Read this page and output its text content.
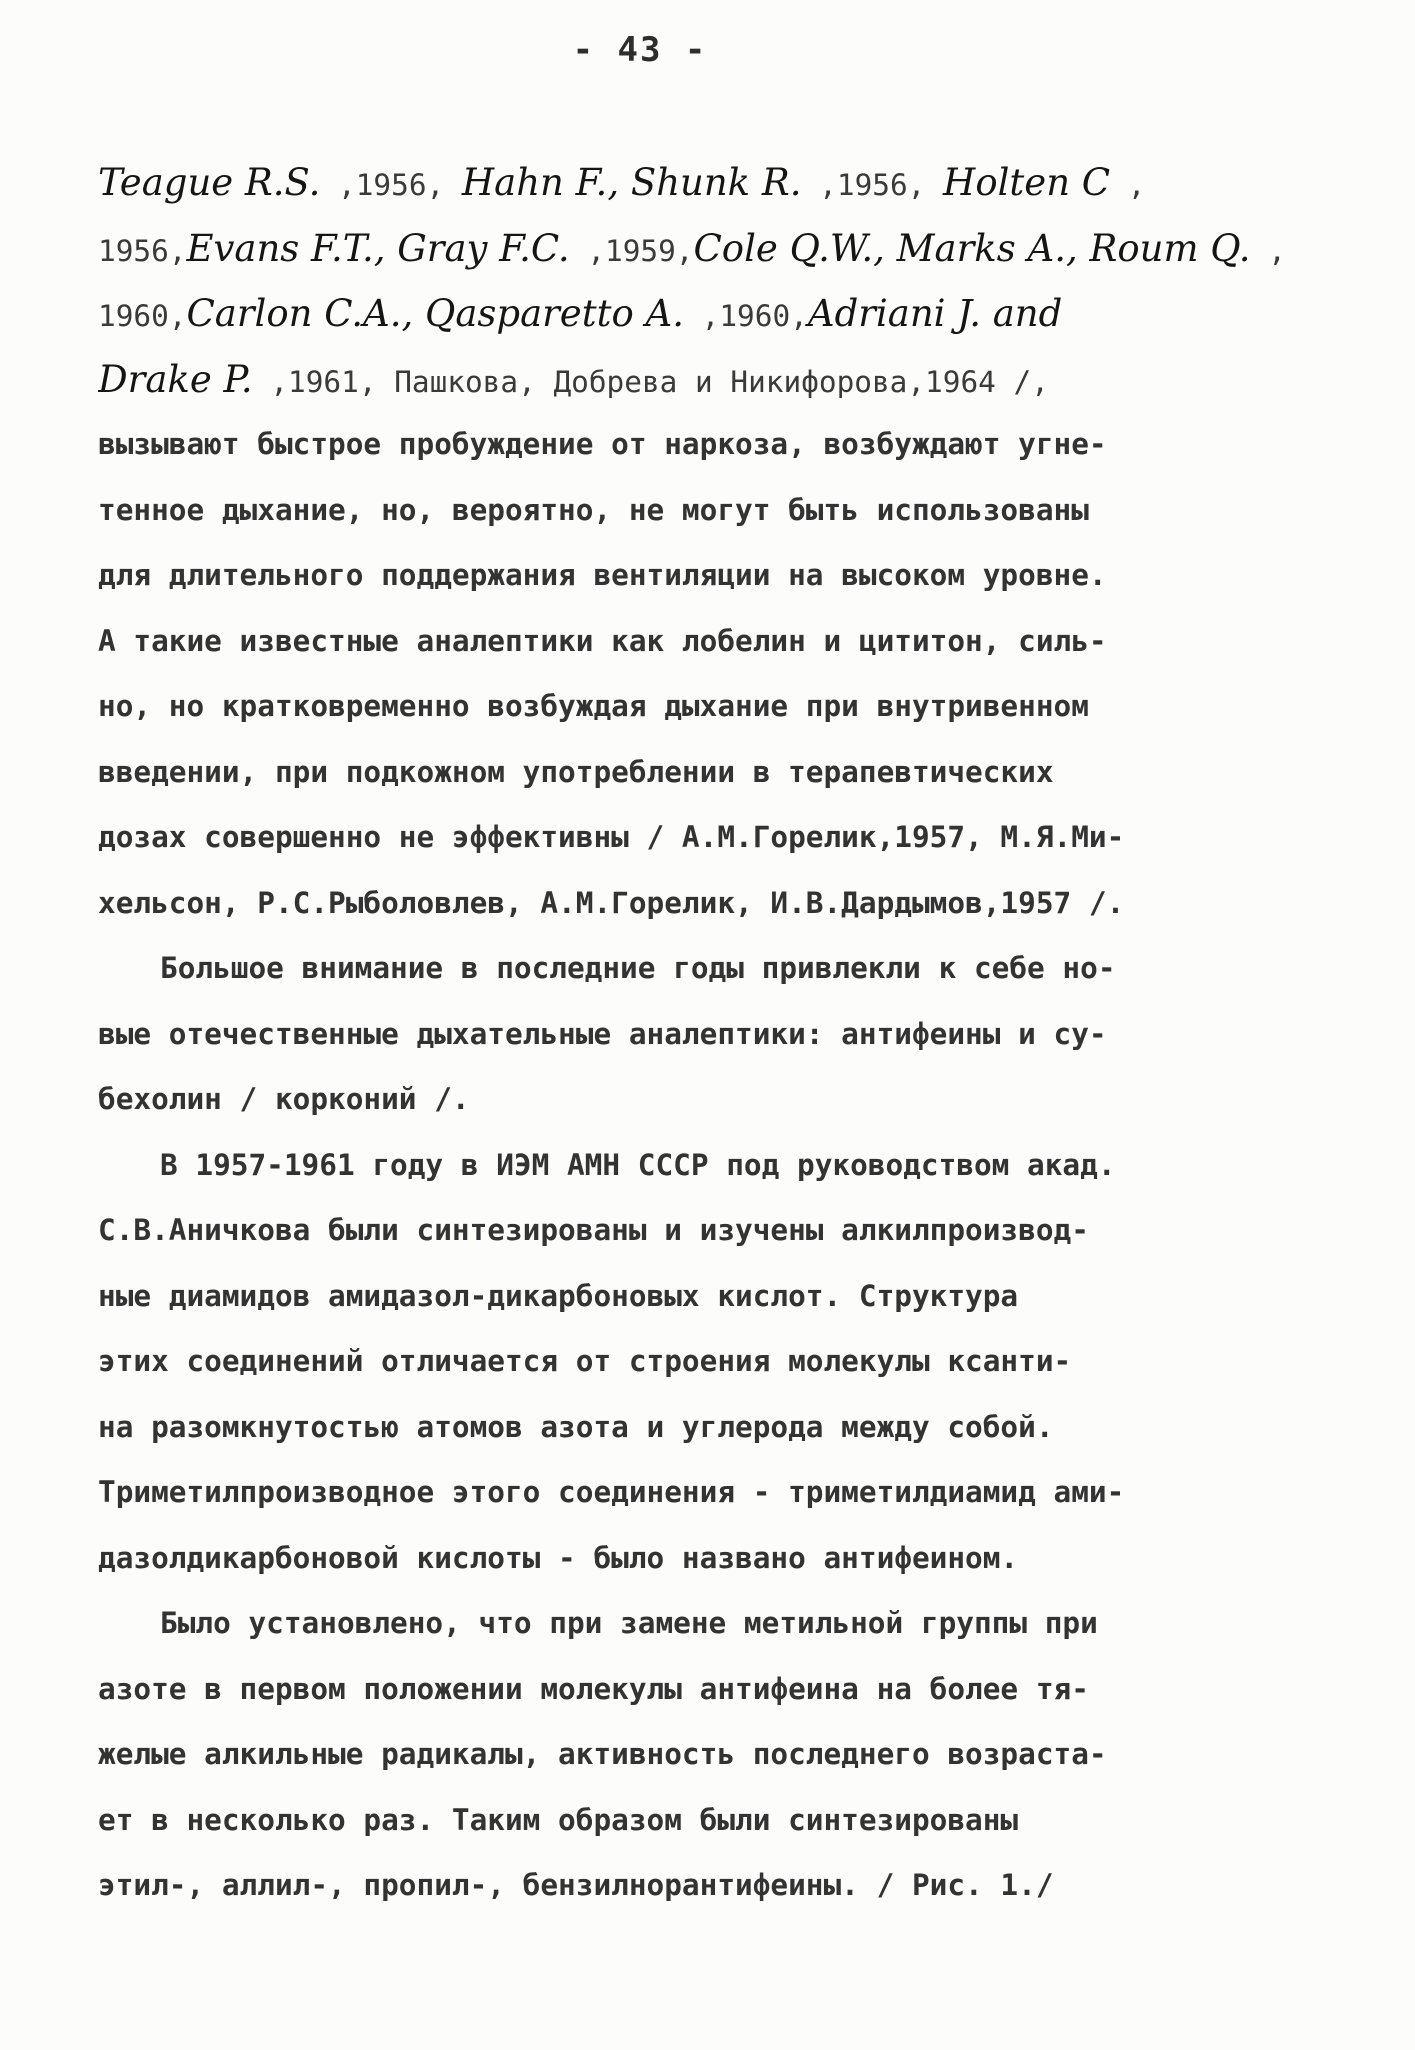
- 43 -
Teague R.S. ,1956, Hahn F., Shunk R. ,1956, Holten C ,
1956,Evans F.T., Gray F.C. ,1959,Cole Q.W., Marks A., Roum Q. ,
1960,Carlon C.A., Qasparetto A. ,1960,Adriani J. and
Drake P. ,1961, Пашкова, Добрева и Никифорова,1964 /,
вызывают быстрое пробуждение от наркоза, возбуждают угне-
тенное дыхание, но, вероятно, не могут быть использованы
для длительного поддержания вентиляции на высоком уровне.
А такие известные аналептики как лобелин и цититон, силь-
но, но кратковременно возбуждая дыхание при внутривенном
введении, при подкожном употреблении в терапевтических
дозах совершенно не эффективны / А.М.Горелик,1957, М.Я.Ми-
хельсон, Р.С.Рыболовлев, А.М.Горелик, И.В.Дардымов,1957 /.
Большое внимание в последние годы привлекли к себе но-
вые отечественные дыхательные аналептики: антифеины и су-
бехолин / корконий /.
В 1957-1961 году в ИЭМ АМН СССР под руководством акад.
С.В.Аничкова были синтезированы и изучены алкилпроизвод-
ные диамидов амидазол-дикарбоновых кислот. Структура
этих соединений отличается от строения молекулы ксанти-
на разомкнутостью атомов азота и углерода между собой.
Триметилпроизводное этого соединения - триметилдиамид ами-
дазолдикарбоновой кислоты - было названо антифеином.
Было установлено, что при замене метильной группы при
азоте в первом положении молекулы антифеина на более тя-
желые алкильные радикалы, активность последнего возраста-
ет в несколько раз. Таким образом были синтезированы
этил-, аллил-, пропил-, бензилнорантифеины. / Рис. 1./
